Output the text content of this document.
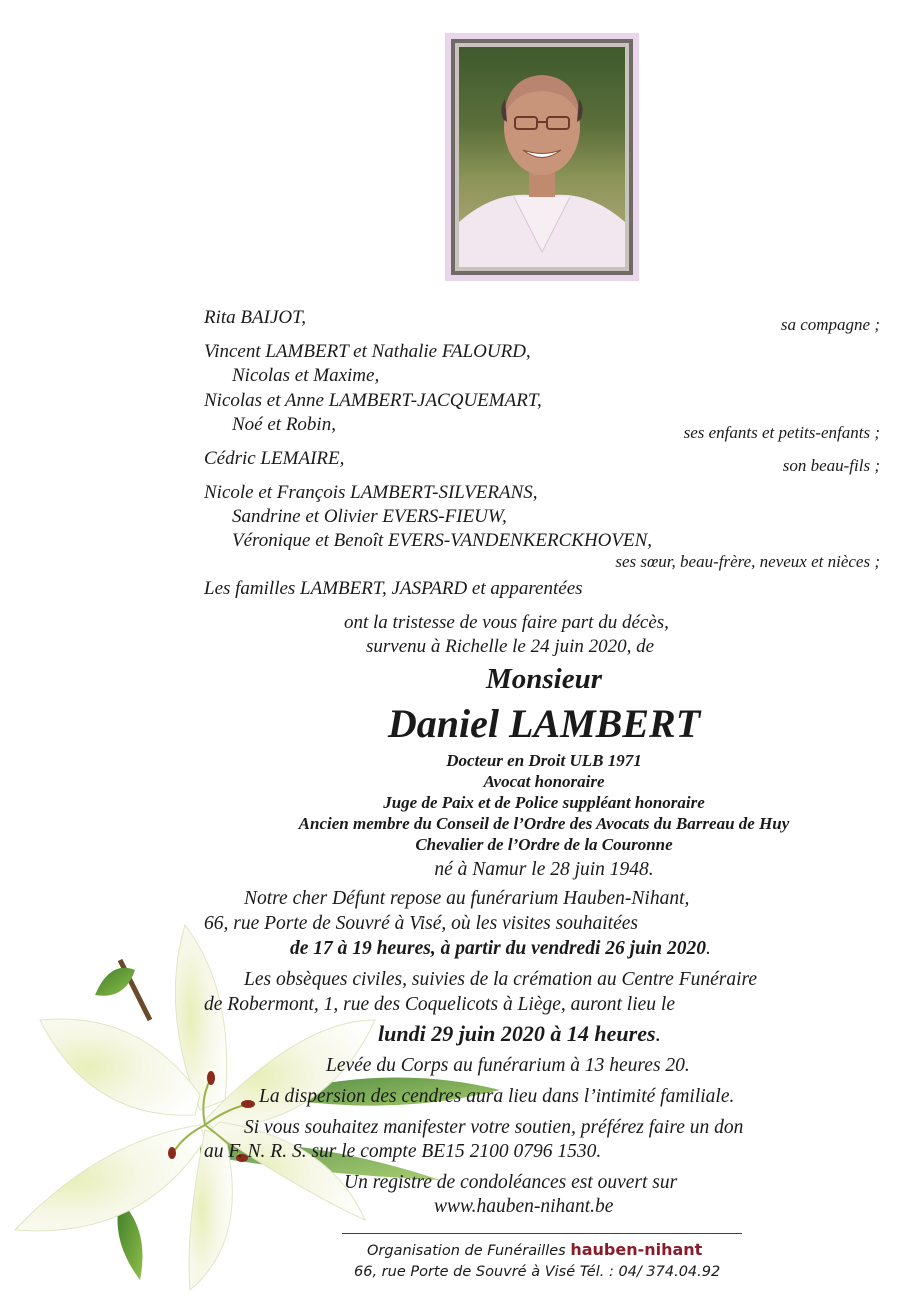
Rita BAIJOT,	sa compagne ;
Vincent LAMBERT et Nathalie FALOURD,
Nicolas et Maxime,
Nicolas et Anne LAMBERT-JACQUEMART,
Noé et Robin,	ses enfants et petits-enfants ;
Cédric LEMAIRE,	son beau-fils ;
Nicole et François LAMBERT-SILVERANS,
Sandrine et Olivier EVERS-FIEUW,
Véronique et Benoît EVERS-VANDENKERCKHOVEN,
ses sœur, beau-frère, neveux et nièces ;
Les familles LAMBERT, JASPARD et apparentées
ont la tristesse de vous faire part du décès,
survenu à Richelle le 24 juin 2020, de
Monsieur
Daniel LAMBERT
Docteur en Droit ULB 1971
Avocat honoraire
Juge de Paix et de Police suppléant honoraire
Ancien membre du Conseil de l’Ordre des Avocats du Barreau de Huy
Chevalier de l’Ordre de la Couronne
né à Namur le 28 juin 1948.
Notre cher Défunt repose au funérarium Hauben-Nihant,
66, rue Porte de Souvré à Visé, où les visites souhaitées
de 17 à 19 heures, à partir du vendredi 26 juin 2020.
Les obsèques civiles, suivies de la crémation au Centre Funéraire
de Robermont, 1, rue des Coquelicots à Liège, auront lieu le
lundi 29 juin 2020 à 14 heures.
Levée du Corps au funérarium à 13 heures 20.
La dispersion des cendres aura lieu dans l’intimité familiale.
Si vous souhaitez manifester votre soutien, préférez faire un don
au F. N. R. S. sur le compte BE15 2100 0796 1530.
Un registre de condoléances est ouvert sur
www.hauben-nihant.be
Organisation de Funérailles hauben-nihant
66, rue Porte de Souvré à Visé Tél. : 04/ 374.04.92
